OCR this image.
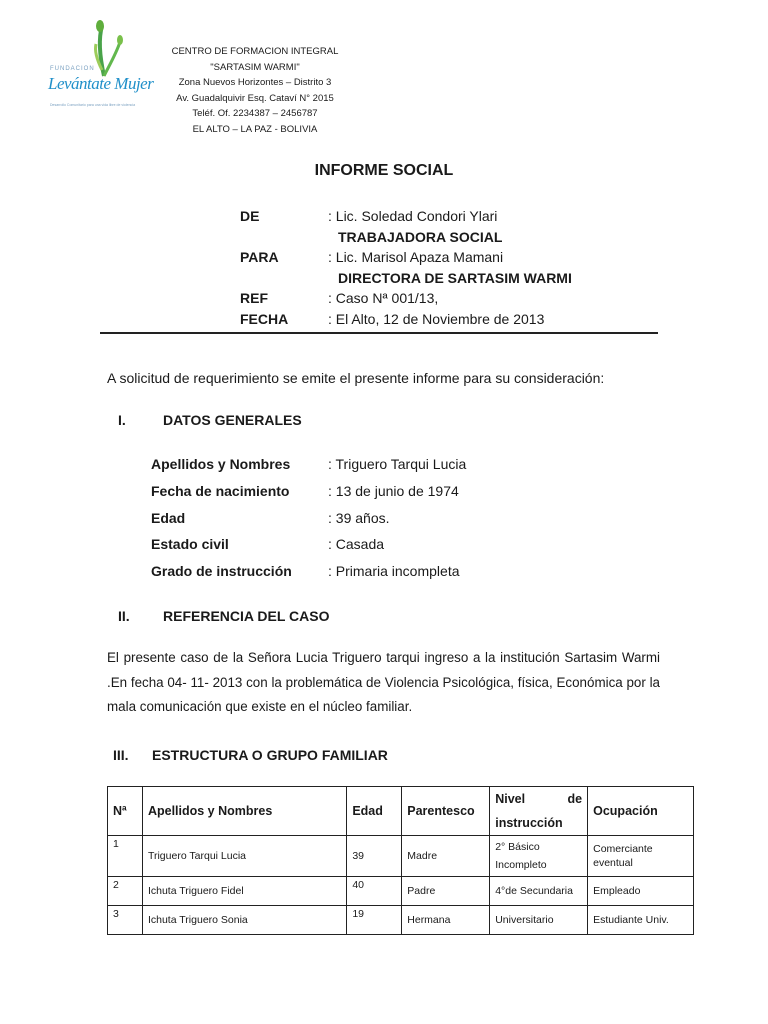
FUNDACION
Levántate Mujer
Desarrollo Comunitario para una vida libre de violencia
CENTRO DE FORMACION INTEGRAL
"SARTASIM WARMI"
Zona Nuevos Horizontes – Distrito 3
Av. Guadalquivir Esq. Cataví N° 2015
Teléf. Of. 2234387 – 2456787
EL ALTO – LA PAZ - BOLIVIA
INFORME SOCIAL
DE	: Lic. Soledad Condori Ylari
TRABAJADORA SOCIAL
PARA	: Lic. Marisol Apaza Mamani
DIRECTORA DE SARTASIM WARMI
REF	: Caso Nª 001/13,
FECHA	: El Alto, 12 de Noviembre de 2013
A solicitud de requerimiento se emite el presente informe para su consideración:
I.	DATOS GENERALES
Apellidos y Nombres	: Triguero Tarqui Lucia
Fecha de nacimiento	: 13 de junio de 1974
Edad	: 39 años.
Estado civil	: Casada
Grado de instrucción	: Primaria incompleta
II. REFERENCIA DEL CASO
El presente caso de la Señora Lucia Triguero tarqui ingreso a la institución Sartasim Warmi .En fecha 04- 11- 2013 con la problemática de Violencia Psicológica, física, Económica por la mala comunicación que existe en el núcleo familiar.
III. ESTRUCTURA O GRUPO FAMILIAR
Nª	Apellidos y Nombres	Edad	Parentesco	Nivel de instrucción	Ocupación
1	Triguero Tarqui Lucia	39	Madre	2° Básico Incompleto	Comerciante eventual
2	Ichuta Triguero Fidel	40	Padre	4°de Secundaria	Empleado
3	Ichuta Triguero Sonia	19	Hermana	Universitario	Estudiante Univ.
